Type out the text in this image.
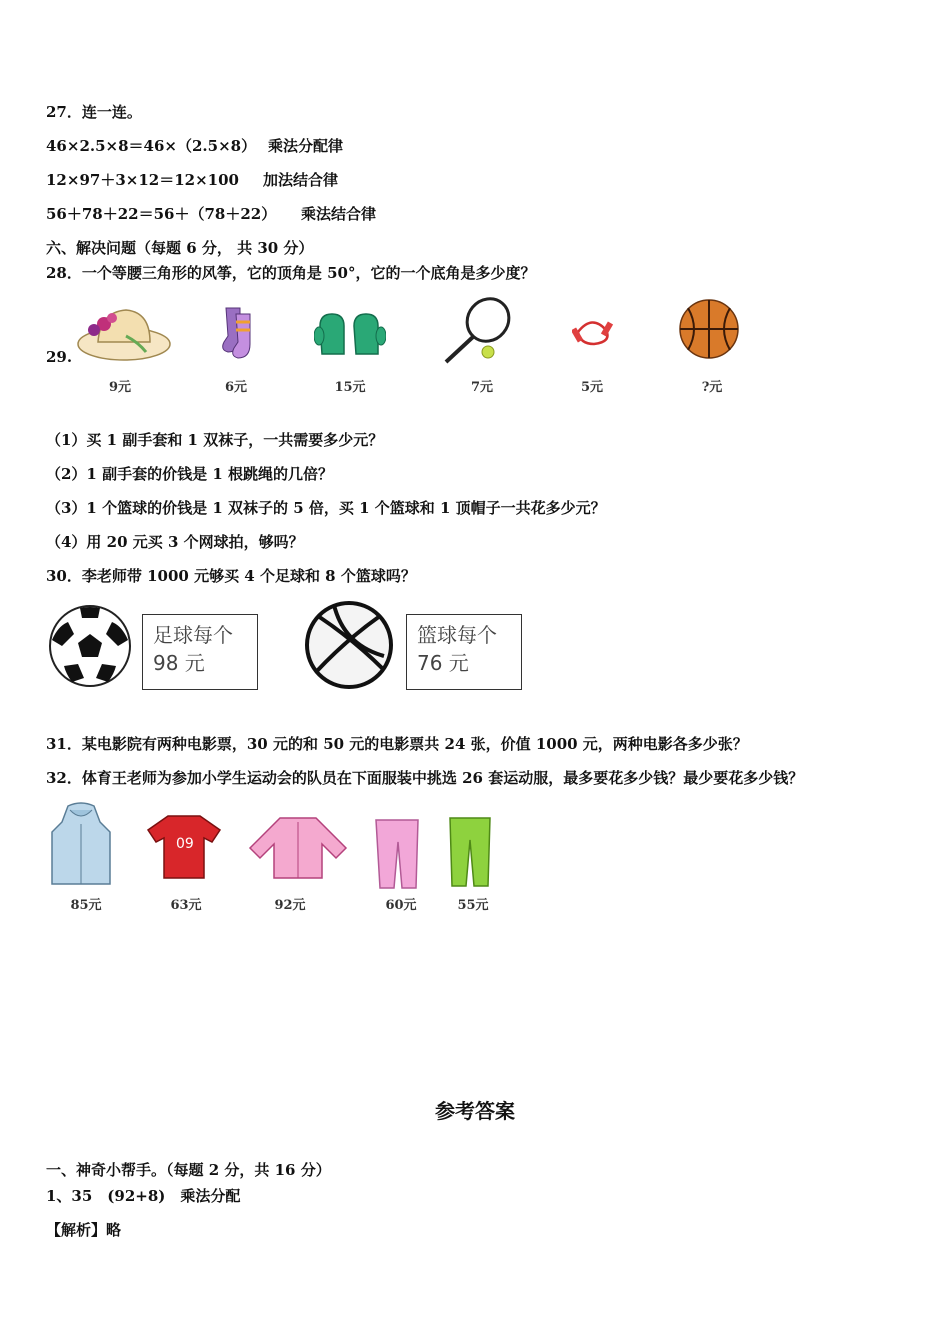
27．连一连。
46×2.5×8＝46×（2.5×8） 乘法分配律
12×97＋3×12＝12×100 加法结合律
56＋78＋22＝56＋（78＋22） 乘法结合律
六、解决问题（每题 6 分， 共 30 分）
28．一个等腰三角形的风筝，它的顶角是 50°，它的一个底角是多少度？
29.
9元	6元	15元	7元	5元	?元
（1）买 1 副手套和 1 双袜子，一共需要多少元？
（2）1 副手套的价钱是 1 根跳绳的几倍？
（3）1 个篮球的价钱是 1 双袜子的 5 倍，买 1 个篮球和 1 顶帽子一共花多少元？
（4）用 20 元买 3 个网球拍，够吗？
30．李老师带 1000 元够买 4 个足球和 8 个篮球吗？
足球每个
98 元
篮球每个
76 元
31．某电影院有两种电影票，30 元的和 50 元的电影票共 24 张，价值 1000 元，两种电影各多少张？
32．体育王老师为参加小学生运动会的队员在下面服装中挑选 26 套运动服，最多要花多少钱？最少要花多少钱？
09
85元	63元	92元	60元	55元
参考答案
一、神奇小帮手。（每题 2 分，共 16 分）
1、35　(92+8)　乘法分配
【解析】略
